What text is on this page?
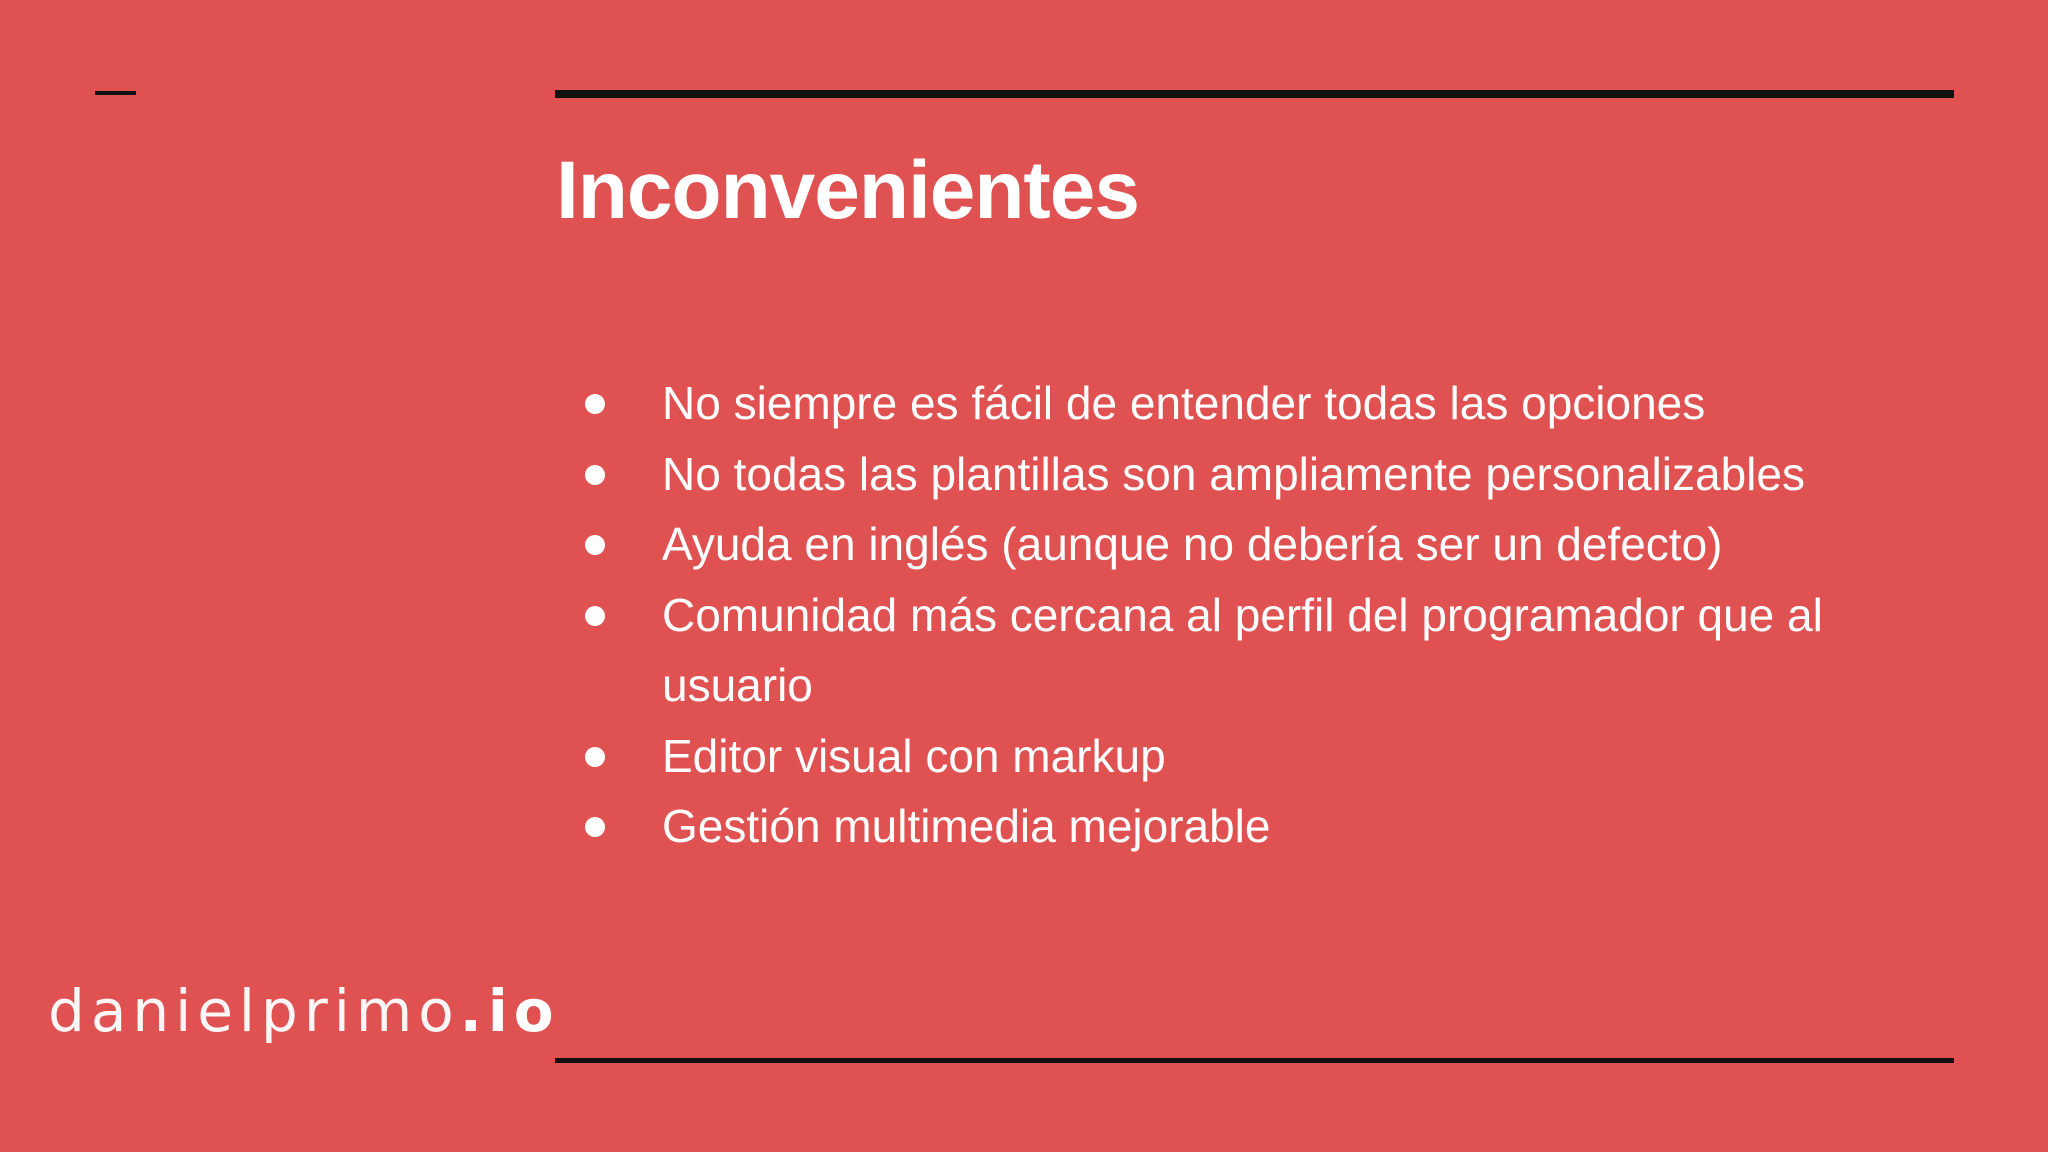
Inconvenientes
No siempre es fácil de entender todas las opciones
No todas las plantillas son ampliamente personalizables
Ayuda en inglés (aunque no debería ser un defecto)
Comunidad más cercana al perfil del programador que al usuario
Editor visual con markup
Gestión multimedia mejorable
danielprimo.io
